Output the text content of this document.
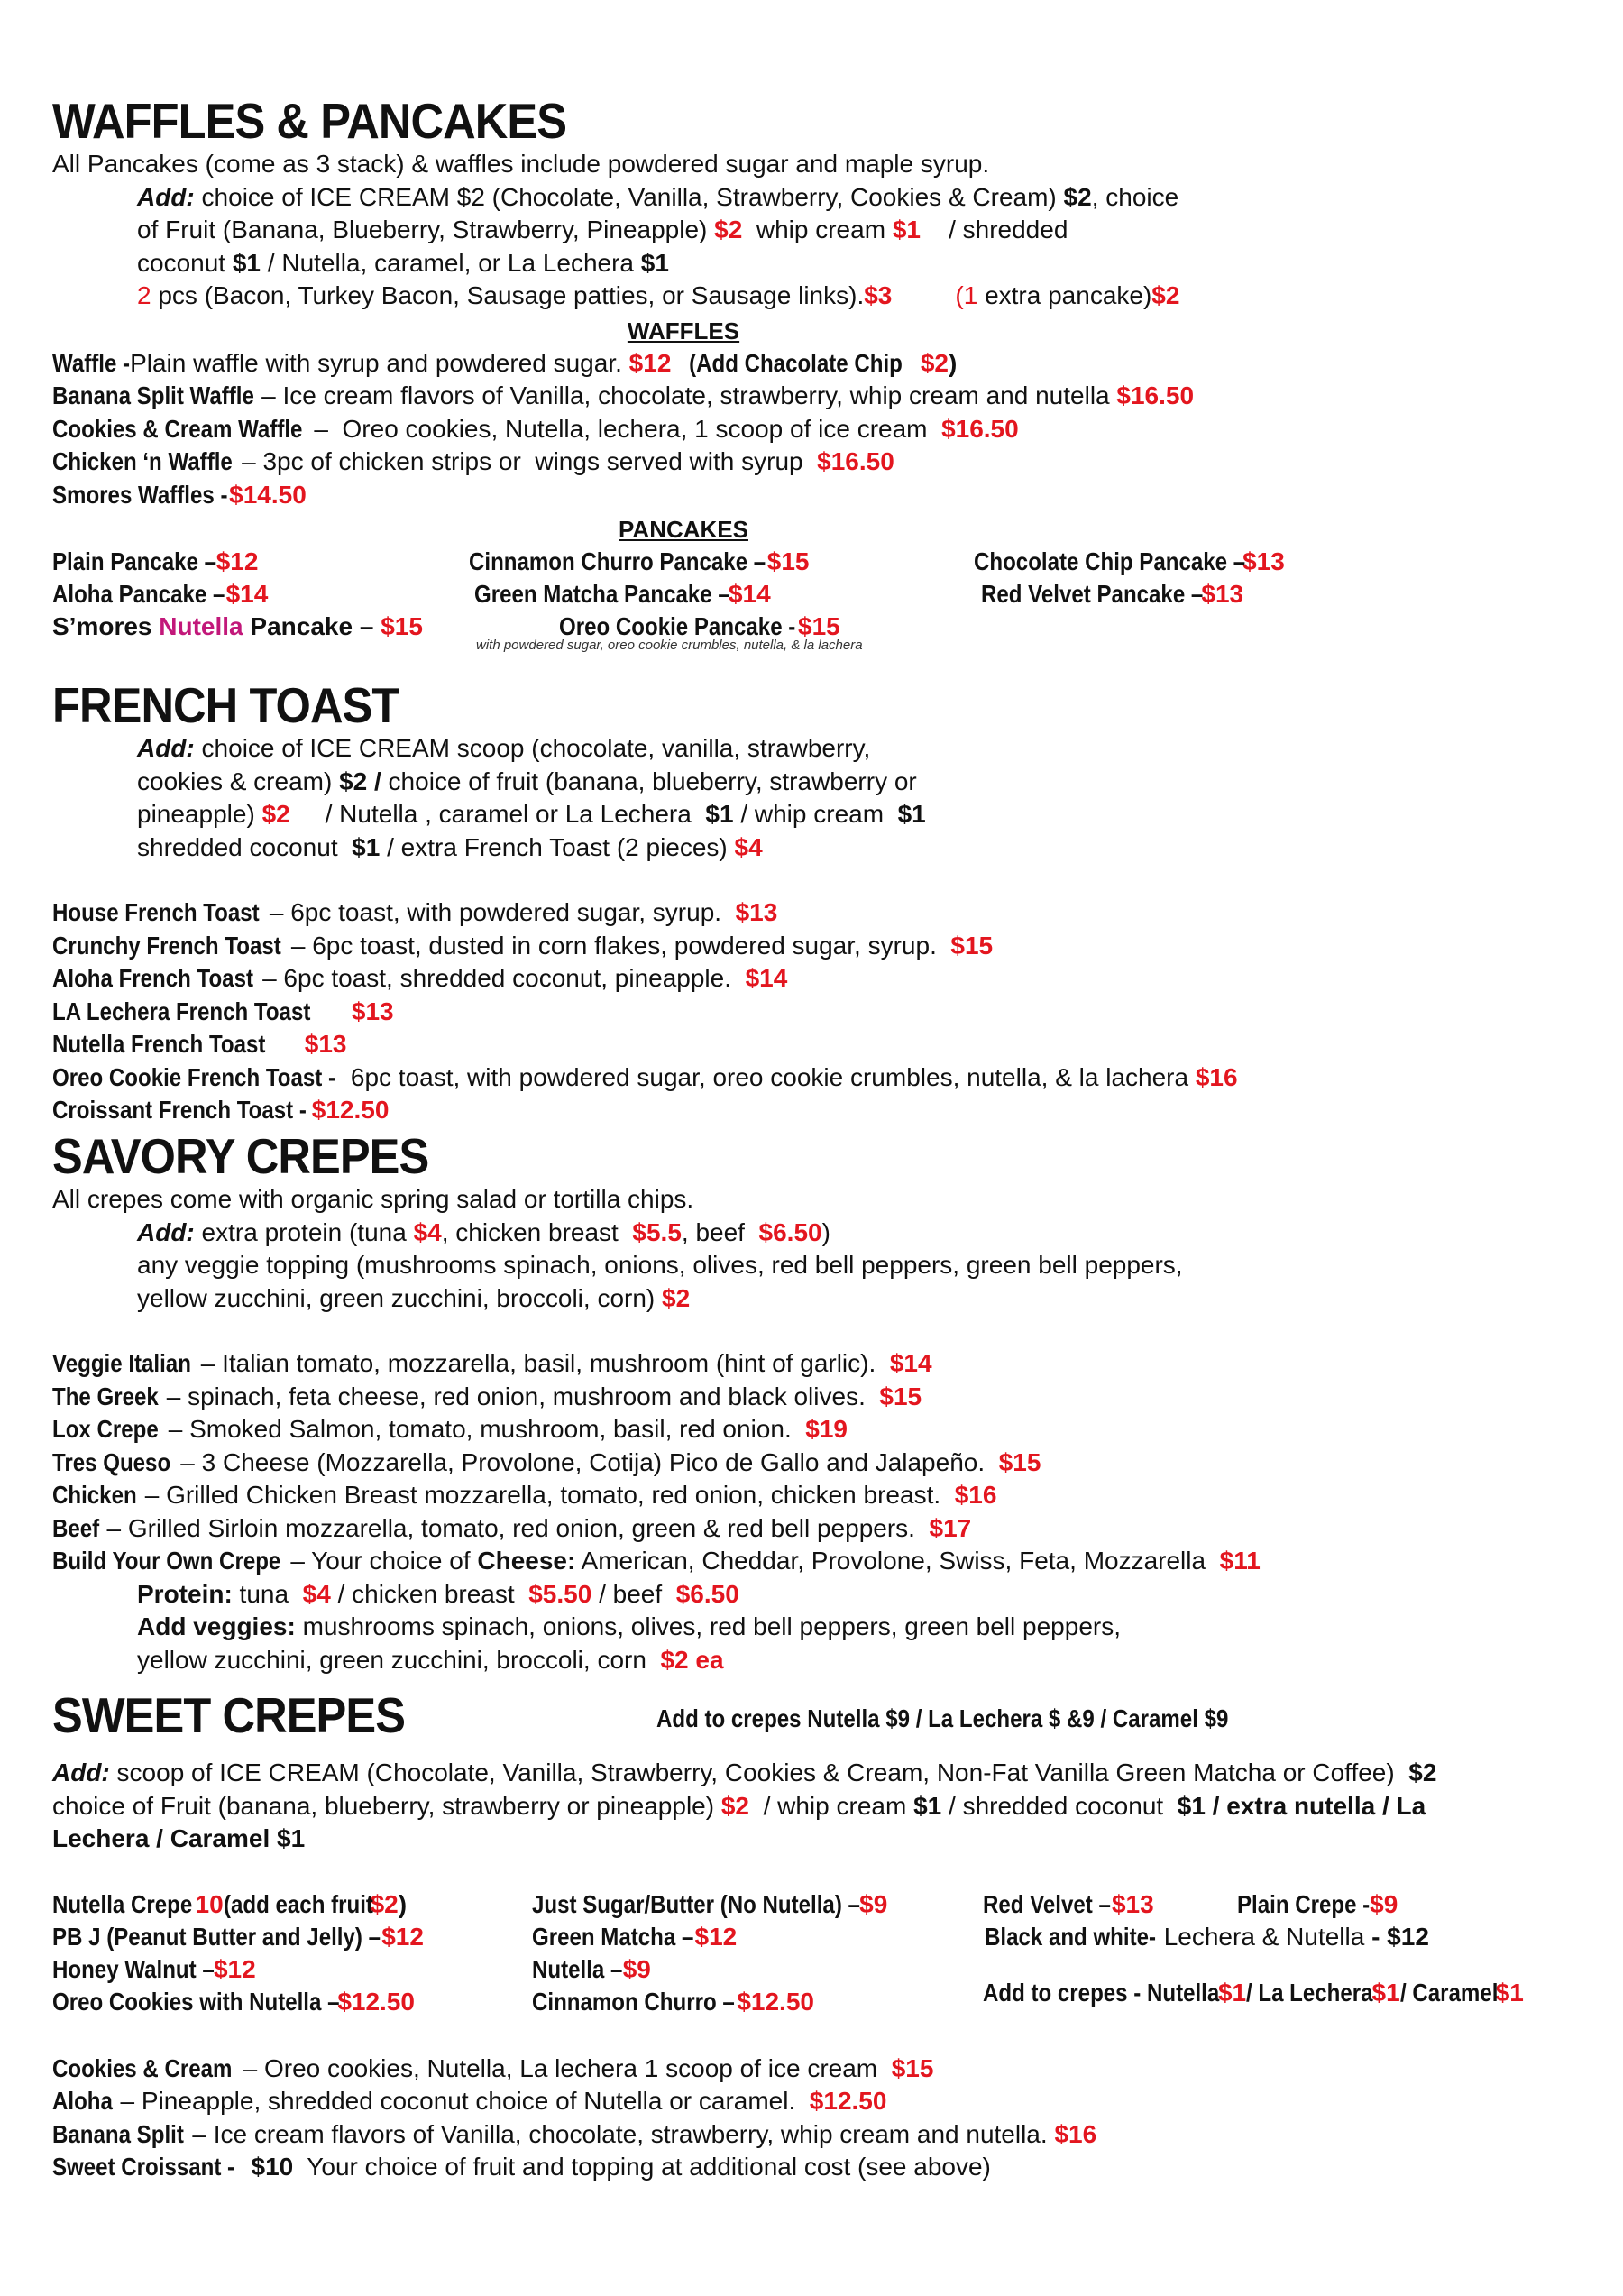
WAFFLES & PANCAKES
All Pancakes (come as 3 stack) & waffles include powdered sugar and maple syrup.
Add: choice of ICE CREAM $2 (Chocolate, Vanilla, Strawberry, Cookies & Cream) $2, choice
of Fruit (Banana, Blueberry, Strawberry, Pineapple) $2  whip cream $1    / shredded
coconut $1 / Nutella, caramel, or La Lechera $1
2 pcs (Bacon, Turkey Bacon, Sausage patties, or Sausage links).$3	(1 extra pancake)$2
WAFFLES
Waffle -Plain waffle with syrup and powdered sugar. $12   (Add Chacolate Chip $2)
Banana Split Waffle – Ice cream flavors of Vanilla, chocolate, strawberry, whip cream and nutella $16.50
Cookies & Cream Waffle –  Oreo cookies, Nutella, lechera, 1 scoop of ice cream  $16.50
Chicken ‘n Waffle – 3pc of chicken strips or  wings served with syrup  $16.50
Smores Waffles -$14.50
PANCAKES
Plain Pancake –$12	Cinnamon Churro Pancake –$15	Chocolate Chip Pancake –$13
Aloha Pancake –$14	Green Matcha Pancake –$14	Red Velvet Pancake –$13
S’mores Nutella Pancake – $15	Oreo Cookie Pancake -$15
with powdered sugar, oreo cookie crumbles, nutella, & la lachera
FRENCH TOAST
Add: choice of ICE CREAM scoop (chocolate, vanilla, strawberry,
cookies & cream) $2 / choice of fruit (banana, blueberry, strawberry or
pineapple) $2     / Nutella , caramel or La Lechera  $1 / whip cream  $1
shredded coconut  $1 / extra French Toast (2 pieces) $4
House French Toast – 6pc toast, with powdered sugar, syrup.  $13
Crunchy French Toast – 6pc toast, dusted in corn flakes, powdered sugar, syrup.  $15
Aloha French Toast – 6pc toast, shredded coconut, pineapple.  $14
LA Lechera French Toast $13
Nutella French Toast $13
Oreo Cookie French Toast - 6pc toast, with powdered sugar, oreo cookie crumbles, nutella, & la lachera $16
Croissant French Toast -$12.50
SAVORY CREPES
All crepes come with organic spring salad or tortilla chips.
Add: extra protein (tuna $4, chicken breast  $5.5, beef  $6.50)
any veggie topping (mushrooms spinach, onions, olives, red bell peppers, green bell peppers,
yellow zucchini, green zucchini, broccoli, corn) $2
Veggie Italian – Italian tomato, mozzarella, basil, mushroom (hint of garlic).  $14
The Greek – spinach, feta cheese, red onion, mushroom and black olives.  $15
Lox Crepe – Smoked Salmon, tomato, mushroom, basil, red onion.  $19
Tres Queso – 3 Cheese (Mozzarella, Provolone, Cotija) Pico de Gallo and Jalapeño.  $15
Chicken – Grilled Chicken Breast mozzarella, tomato, red onion, chicken breast.  $16
Beef – Grilled Sirloin mozzarella, tomato, red onion, green & red bell peppers.  $17
Build Your Own Crepe – Your choice of Cheese: American, Cheddar, Provolone, Swiss, Feta, Mozzarella  $11
Protein: tuna  $4 / chicken breast  $5.50 / beef  $6.50
Add veggies: mushrooms spinach, onions, olives, red bell peppers, green bell peppers,
yellow zucchini, green zucchini, broccoli, corn  $2 ea
SWEET CREPES	Add to crepes Nutella $9 / La Lechera $ &9 / Caramel $9
Add: scoop of ICE CREAM (Chocolate, Vanilla, Strawberry, Cookies & Cream, Non-Fat Vanilla Green Matcha or Coffee)  $2
choice of Fruit (banana, blueberry, strawberry or pineapple) $2  / whip cream $1 / shredded coconut  $1 / extra nutella / La
Lechera / Caramel $1
Nutella Crepe10(add each fruit$2)
PB J (Peanut Butter and Jelly) –$12
Honey Walnut –$12
Oreo Cookies with Nutella –$12.50
Just Sugar/Butter (No Nutella) –$9
Green Matcha –$12
Nutella –$9
Cinnamon Churro –$12.50
Red Velvet –$13	Plain Crepe -$9
Black and white- Lechera & Nutella - $12
Add to crepes - Nutella$1/ La Lechera$1/ Caramel$1
Cookies & Cream – Oreo cookies, Nutella, La lechera 1 scoop of ice cream  $15
Aloha – Pineapple, shredded coconut choice of Nutella or caramel.  $12.50
Banana Split – Ice cream flavors of Vanilla, chocolate, strawberry, whip cream and nutella. $16
Sweet Croissant -  $10  Your choice of fruit and topping at additional cost (see above)
